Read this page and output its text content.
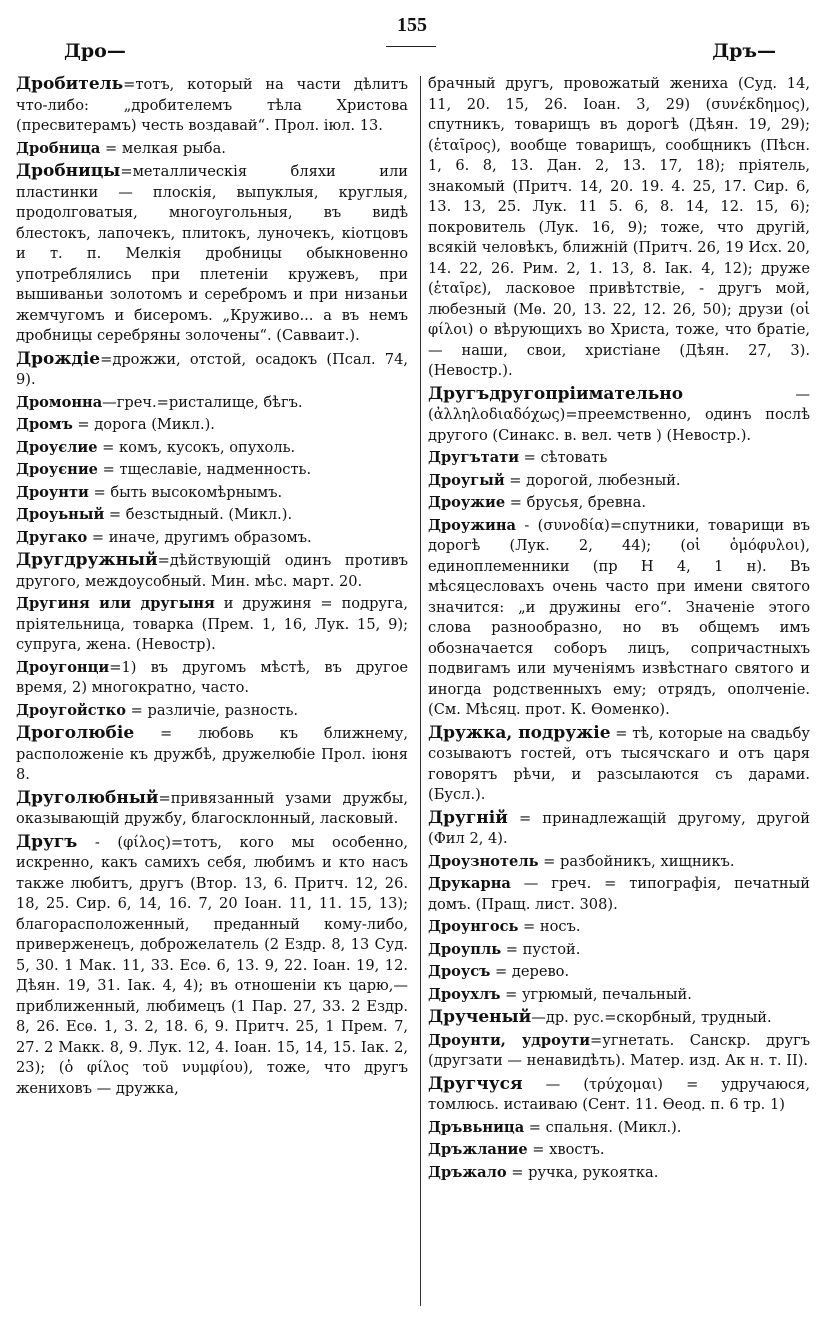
155
Дро—	Дръ—

Дробитель=тотъ, который на части дѣлитъ что-либо: „дробителемъ тѣла Христова (пресвитерамъ) честь воздавай“. Прол. іюл. 13.

Дробница = мелкая рыба.

Дробницы=металлическія бляхи или пластинки — плоскія, выпуклыя, круглыя, продолговатыя, многоугольныя, въ видѣ блестокъ, лапочекъ, плитокъ, луночекъ, кіотцовъ и т. п. Мелкія дробницы обыкновенно употреблялись при плетеніи кружевъ, при вышиваньи золотомъ и серебромъ и при низаньи жемчугомъ и бисеромъ. „Круживо... а въ немъ дробницы серебряны золочены“. (Савваит.).

Дрождіе=дрожжи, отстой, осадокъ (Псал. 74, 9).

Дромонна—греч.=ристалище, бѣгъ.

Дромъ = дорога (Микл.).

Дроуєлие = комъ, кусокъ, опухоль.

Дроуєние = тщеславіе, надменность.

Дроунти = быть высокомѣрнымъ.

Дроуьный = безстыдный. (Микл.).

Другако = иначе, другимъ образомъ.

Другдружный=дѣйствующій одинъ противъ другого, междоусобный. Мин. мѣс. март. 20.

Другиня или другыня и дружиня = подруга, пріятельница, товарка (Прем. 1, 16, Лук. 15, 9); супруга, жена. (Невостр).

Дроугонци=1) въ другомъ мѣстѣ, въ другое время, 2) многократно, часто.

Дроугойстко = различіе, разность.

Дроголюбіе = любовь къ ближнему, расположеніе къ дружбѣ, дружелюбіе Прол. іюня 8.

Друголюбный=привязанный узами дружбы, оказывающій дружбу, благосклонный, ласковый.

Другъ - (φίλος)=тотъ, кого мы особенно, искренно, какъ самихъ себя, любимъ и кто насъ также любитъ, другъ (Втор. 13, 6. Притч. 12, 26. 18, 25. Сир. 6, 14, 16. 7, 20 Іоан. 11, 11. 15, 13); благорасположенный, преданный кому-либо, приверженецъ, доброжелатель (2 Ездр. 8, 13 Суд. 5, 30. 1 Мак. 11, 33. Есѳ. 6, 13. 9, 22. Іоан. 19, 12. Дѣян. 19, 31. Іак. 4, 4); въ отношеніи къ царю,— приближенный, любимецъ (1 Пар. 27, 33. 2 Ездр. 8, 26. Есѳ. 1, 3. 2, 18. 6, 9. Притч. 25, 1 Прем. 7, 27. 2 Макк. 8, 9. Лук. 12, 4. Іоан. 15, 14, 15. Іак. 2, 23); (ὁ φίλος τοῦ νυμφίου), тоже, что другъ жениховъ — дружка,

брачный другъ, провожатый жениха (Суд. 14, 11, 20. 15, 26. Іоан. 3, 29) (συνέκδημος), спутникъ, товарищъ въ дорогѣ (Дѣян. 19, 29); (ἑταῖρος), вообще товарищъ, сообщникъ (Пѣсн. 1, 6. 8, 13. Дан. 2, 13. 17, 18); пріятель, знакомый (Притч. 14, 20. 19. 4. 25, 17. Сир. 6, 13. 13, 25. Лук. 11 5. 6, 8. 14, 12. 15, 6); покровитель (Лук. 16, 9); тоже, что другій, всякій человѣкъ, ближній (Притч. 26, 19 Исх. 20, 14. 22, 26. Рим. 2, 1. 13, 8. Іак. 4, 12); друже (ἑταῖρε), ласковое привѣтствіе, - другъ мой, любезный (Мѳ. 20, 13. 22, 12. 26, 50); друзи (οἱ φίλοι) о вѣрующихъ во Христа, тоже, что братіе, — наши, свои, христіане (Дѣян. 27, 3). (Невостр.).

Другъдругопріимательно — (ἀλληλοδιαδόχως)=преемственно, одинъ послѣ другого (Синакс. в. вел. четв ) (Невостр.).

Другътати = сѣтовать

Дроугый = дорогой, любезный.

Дроужие = брусья, бревна.

Дроужина - (συνοδία)=спутники, товарищи въ дорогѣ (Лук. 2, 44); (οἱ ὁμόφυλοι), единоплеменники (пр Н 4, 1 н). Въ мѣсяцесловахъ очень часто при имени святого значится: „и дружины его“. Значеніе этого слова разнообразно, но въ общемъ имъ обозначается соборъ лицъ, сопричастныхъ подвигамъ или мученіямъ извѣстнаго святого и иногда родственныхъ ему; отрядъ, ополченіе. (См. Мѣсяц. прот. К. Ѳоменко).

Дружка, подружіе = тѣ, которые на свадьбу созываютъ гостей, отъ тысячскаго и отъ царя говорятъ рѣчи, и разсылаются съ дарами. (Бусл.).

Другній = принадлежащій другому, другой (Фил 2, 4).

Дроузнотель = разбойникъ, хищникъ.

Друкарна — греч. = типографія, печатный домъ. (Пращ. лист. 308).

Дроунгось = носъ.

Дроупль = пустой.

Дроусъ = дерево.

Дроухлъ = угрюмый, печальный.

Друченый—др. рус.=скорбный, трудный.

Дроунти, удроути=угнетать. Санскр. другъ (другзати — ненавидѣть). Матер. изд. Ак н. т. II).

Другчуся — (τρύχομαι) = удручаюся, томлюсь. истаиваю (Сент. 11. Ѳеод. п. 6 тр. 1)

Дръвьница = спальня. (Микл.).

Дръжлание = хвостъ.

Дръжало = ручка, рукоятка.
